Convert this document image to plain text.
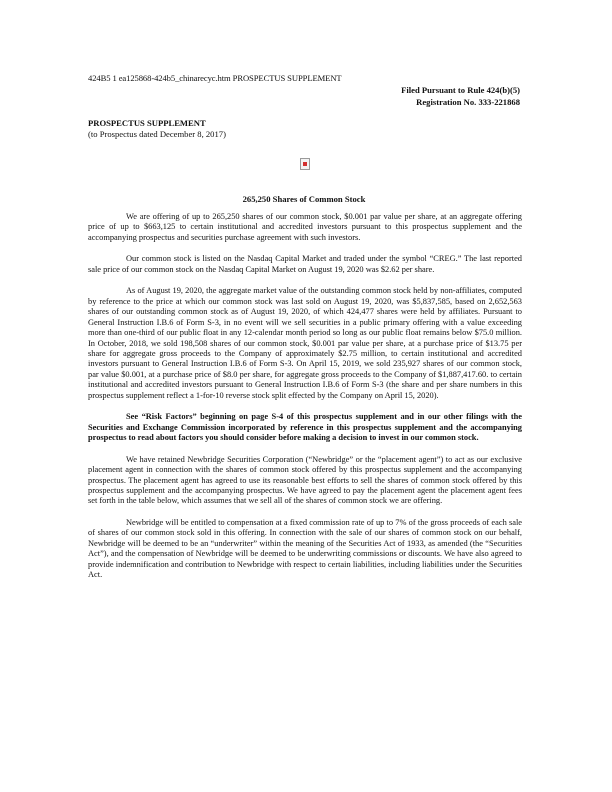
424B5 1 ea125868-424b5_chinarecyc.htm PROSPECTUS SUPPLEMENT
Filed Pursuant to Rule 424(b)(5)
Registration No. 333-221868
PROSPECTUS SUPPLEMENT
(to Prospectus dated December 8, 2017)
265,250 Shares of Common Stock

We are offering of up to 265,250 shares of our common stock, $0.001 par value per share, at an aggregate offering price of up to $663,125 to certain institutional and accredited investors pursuant to this prospectus supplement and the accompanying prospectus and securities purchase agreement with such investors.

Our common stock is listed on the Nasdaq Capital Market and traded under the symbol “CREG.” The last reported sale price of our common stock on the Nasdaq Capital Market on August 19, 2020 was $2.62 per share.

As of August 19, 2020, the aggregate market value of the outstanding common stock held by non-affiliates, computed by reference to the price at which our common stock was last sold on August 19, 2020, was $5,837,585, based on 2,652,563 shares of our outstanding common stock as of August 19, 2020, of which 424,477 shares were held by affiliates. Pursuant to General Instruction I.B.6 of Form S-3, in no event will we sell securities in a public primary offering with a value exceeding more than one-third of our public float in any 12-calendar month period so long as our public float remains below $75.0 million. In October, 2018, we sold 198,508 shares of our common stock, $0.001 par value per share, at a purchase price of $13.75 per share for aggregate gross proceeds to the Company of approximately $2.75 million, to certain institutional and accredited investors pursuant to General Instruction I.B.6 of Form S-3. On April 15, 2019, we sold 235,927 shares of our common stock, par value $0.001, at a purchase price of $8.0 per share, for aggregate gross proceeds to the Company of $1,887,417.60. to certain institutional and accredited investors pursuant to General Instruction I.B.6 of Form S-3 (the share and per share numbers in this prospectus supplement reflect a 1-for-10 reverse stock split effected by the Company on April 15, 2020).

See “Risk Factors” beginning on page S-4 of this prospectus supplement and in our other filings with the Securities and Exchange Commission incorporated by reference in this prospectus supplement and the accompanying prospectus to read about factors you should consider before making a decision to invest in our common stock.

We have retained Newbridge Securities Corporation (“Newbridge” or the “placement agent”) to act as our exclusive placement agent in connection with the shares of common stock offered by this prospectus supplement and the accompanying prospectus. The placement agent has agreed to use its reasonable best efforts to sell the shares of common stock offered by this prospectus supplement and the accompanying prospectus. We have agreed to pay the placement agent the placement agent fees set forth in the table below, which assumes that we sell all of the shares of common stock we are offering.

Newbridge will be entitled to compensation at a fixed commission rate of up to 7% of the gross proceeds of each sale of shares of our common stock sold in this offering. In connection with the sale of our shares of common stock on our behalf, Newbridge will be deemed to be an “underwriter” within the meaning of the Securities Act of 1933, as amended (the “Securities Act”), and the compensation of Newbridge will be deemed to be underwriting commissions or discounts. We have also agreed to provide indemnification and contribution to Newbridge with respect to certain liabilities, including liabilities under the Securities Act.
